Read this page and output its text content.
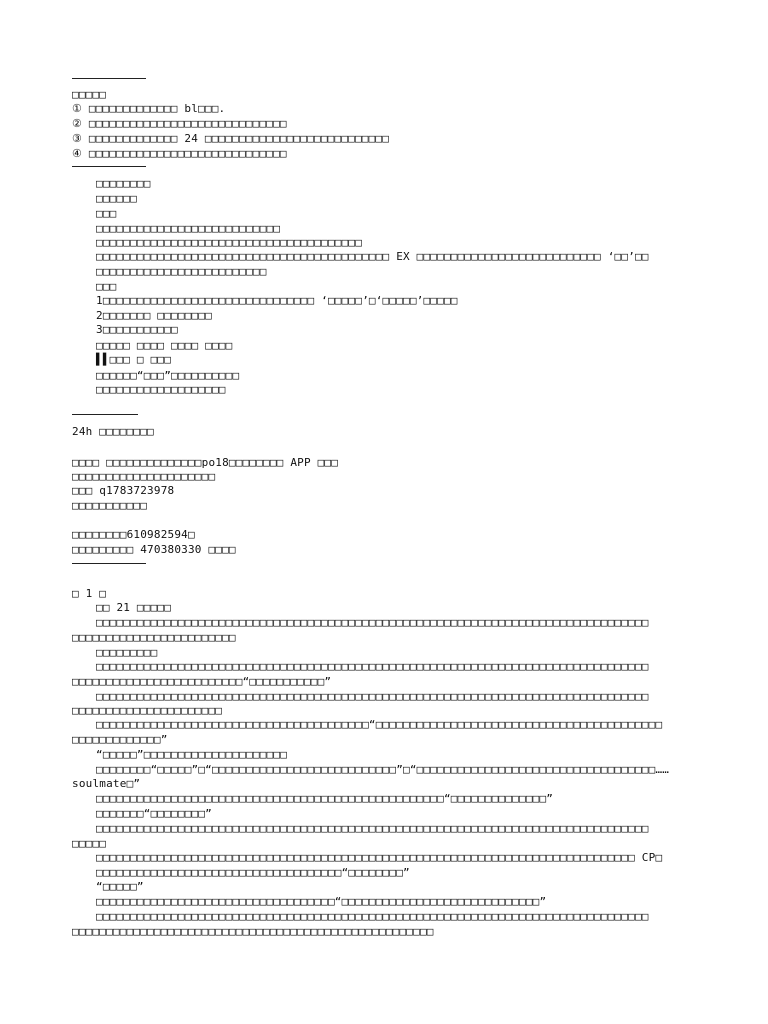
□□□□□
① □□□□□□□□□□□□□ bl□□□.
② □□□□□□□□□□□□□□□□□□□□□□□□□□□□□
③ □□□□□□□□□□□□□ 24 □□□□□□□□□□□□□□□□□□□□□□□□□□□
④ □□□□□□□□□□□□□□□□□□□□□□□□□□□□□
□□□□□□□□
□□□□□□
□□□
□□□□□□□□□□□□□□□□□□□□□□□□□□□
□□□□□□□□□□□□□□□□□□□□□□□□□□□□□□□□□□□□□□□
□□□□□□□□□□□□□□□□□□□□□□□□□□□□□□□□□□□□□□□□□□□ EX □□□□□□□□□□□□□□□□□□□□□□□□□□□ ‘□□’□□
□□□□□□□□□□□□□□□□□□□□□□□□□
□□□
1□□□□□□□□□□□□□□□□□□□□□□□□□□□□□□□ ‘□□□□□’□‘□□□□□’□□□□□
2□□□□□□□ □□□□□□□□
3□□□□□□□□□□□
□□□□□ □□□□ □□□□ □□□□
▌▌□□□ □ □□□
□□□□□□“□□□”□□□□□□□□□□
□□□□□□□□□□□□□□□□□□□
24h □□□□□□□□
□□□□ □□□□□□□□□□□□□□po18□□□□□□□□ APP □□□
□□□□□□□□□□□□□□□□□□□□□
□□□ q1783723978
□□□□□□□□□□□
□□□□□□□□610982594□
□□□□□□□□□ 470380330 □□□□
□ 1 □
□□ 21 □□□□□
□□□□□□□□□□□□□□□□□□□□□□□□□□□□□□□□□□□□□□□□□□□□□□□□□□□□□□□□□□□□□□□□□□□□□□□□□□□□□□□□□
□□□□□□□□□□□□□□□□□□□□□□□□
□□□□□□□□□
□□□□□□□□□□□□□□□□□□□□□□□□□□□□□□□□□□□□□□□□□□□□□□□□□□□□□□□□□□□□□□□□□□□□□□□□□□□□□□□□□
□□□□□□□□□□□□□□□□□□□□□□□□□“□□□□□□□□□□□”
□□□□□□□□□□□□□□□□□□□□□□□□□□□□□□□□□□□□□□□□□□□□□□□□□□□□□□□□□□□□□□□□□□□□□□□□□□□□□□□□□
□□□□□□□□□□□□□□□□□□□□□□
□□□□□□□□□□□□□□□□□□□□□□□□□□□□□□□□□□□□□□□□“□□□□□□□□□□□□□□□□□□□□□□□□□□□□□□□□□□□□□□□□□□
□□□□□□□□□□□□□”
“□□□□□”□□□□□□□□□□□□□□□□□□□□□
□□□□□□□□“□□□□□”□“□□□□□□□□□□□□□□□□□□□□□□□□□□□”□“□□□□□□□□□□□□□□□□□□□□□□□□□□□□□□□□□□□……
soulmate□”
□□□□□□□□□□□□□□□□□□□□□□□□□□□□□□□□□□□□□□□□□□□□□□□□□□□“□□□□□□□□□□□□□□”
□□□□□□□“□□□□□□□□”
□□□□□□□□□□□□□□□□□□□□□□□□□□□□□□□□□□□□□□□□□□□□□□□□□□□□□□□□□□□□□□□□□□□□□□□□□□□□□□□□□
□□□□□
□□□□□□□□□□□□□□□□□□□□□□□□□□□□□□□□□□□□□□□□□□□□□□□□□□□□□□□□□□□□□□□□□□□□□□□□□□□□□□□ CP□
□□□□□□□□□□□□□□□□□□□□□□□□□□□□□□□□□□□□“□□□□□□□□”
“□□□□□”
□□□□□□□□□□□□□□□□□□□□□□□□□□□□□□□□□□□“□□□□□□□□□□□□□□□□□□□□□□□□□□□□□”
□□□□□□□□□□□□□□□□□□□□□□□□□□□□□□□□□□□□□□□□□□□□□□□□□□□□□□□□□□□□□□□□□□□□□□□□□□□□□□□□□
□□□□□□□□□□□□□□□□□□□□□□□□□□□□□□□□□□□□□□□□□□□□□□□□□□□□□
